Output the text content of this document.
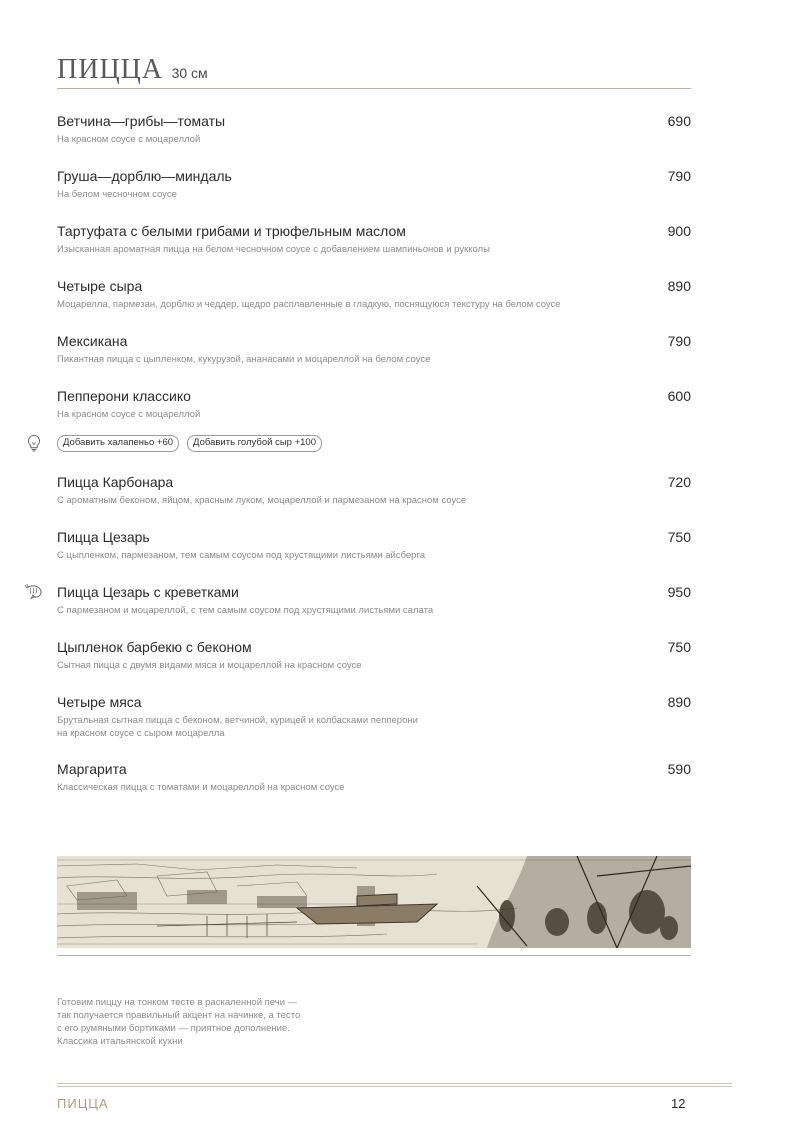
ПИЦЦА 30 см
Ветчина—грибы—томаты
На красном соусе с моцареллой
690
Груша—дорблю—миндаль
На белом чесночном соусе
790
Тартуфата с белыми грибами и трюфельным маслом
Изысканная ароматная пицца на белом чесночном соусе с добавлением шампиньонов и рукколы
900
Четыре сыра
Моцарелла, пармезан, дорблю и чеддер, щедро расплавленные в гладкую, поснящуюся текстуру на белом соусе
890
Мексикана
Пикантная пицца с цыпленком, кукурузой, ананасами и моцареллой на белом соусе
790
Пепперони классико
На красном соусе с моцареллой
600
Добавить халапеньо +60	Добавить голубой сыр +100
Пицца Карбонара
С ароматным беконом, яйцом, красным луком, моцареллой и пармезаном на красном соусе
720
Пицца Цезарь
С цыпленком, пармезаном, тем самым соусом под хрустящими листьями айсберга
750
Пицца Цезарь с креветками
С пармезаном и моцареллой, с тем самым соусом под хрустящими листьями салата
950
Цыпленок барбекю с беконом
Сытная пицца с двумя видами мяса и моцареллой на красном соусе
750
Четыре мяса
Брутальная сытная пицца с беконом, ветчиной, курицей и колбасками пепперони
на красном соусе с сыром моцарелла
890
Маргарита
Классическая пицца с томатами и моцареллой на красном соусе
590
Готовим пиццу на тонком тесте в раскаленной печи —
так получается правильный акцент на начинке, а тесто
с его румяными бортиками — приятное дополнение.
Классика итальянской кухни
ПИЦЦА	12
